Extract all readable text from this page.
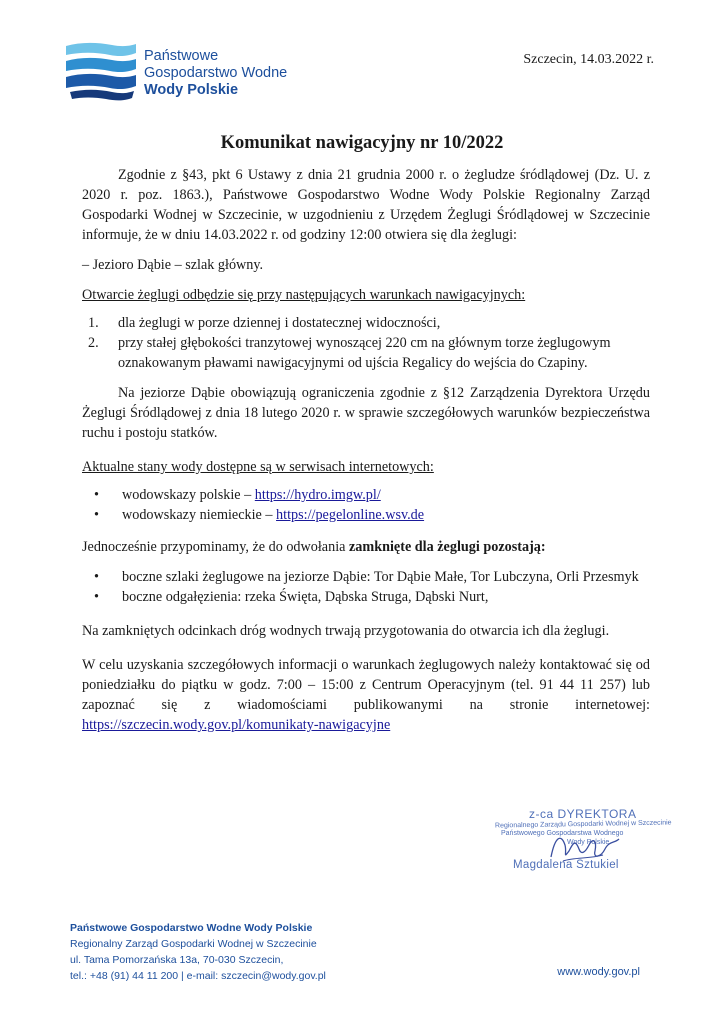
Państwowe
Gospodarstwo Wodne
Wody Polskie
Szczecin, 14.03.2022 r.
Komunikat nawigacyjny nr 10/2022

Zgodnie z §43, pkt 6 Ustawy z dnia 21 grudnia 2000 r. o żegludze śródlądowej (Dz. U. z 2020 r. poz. 1863.), Państwowe Gospodarstwo Wodne Wody Polskie Regionalny Zarząd Gospodarki Wodnej w Szczecinie, w uzgodnieniu z Urzędem Żeglugi Śródlądowej w Szczecinie informuje, że w dniu 14.03.2022 r. od godziny 12:00 otwiera się dla żeglugi:

– Jezioro Dąbie – szlak główny.

Otwarcie żeglugi odbędzie się przy następujących warunkach nawigacyjnych:

1.	dla żeglugi w porze dziennej i dostatecznej widoczności,
2.	przy stałej głębokości tranzytowej wynoszącej 220 cm na głównym torze żeglugowym oznakowanym pławami nawigacyjnymi od ujścia Regalicy do wejścia do Czapiny.

Na jeziorze Dąbie obowiązują ograniczenia zgodnie z §12 Zarządzenia Dyrektora Urzędu Żeglugi Śródlądowej z dnia 18 lutego 2020 r. w sprawie szczegółowych warunków bezpieczeństwa ruchu i postoju statków.

Aktualne stany wody dostępne są w serwisach internetowych:

• wodowskazy polskie – https://hydro.imgw.pl/
• wodowskazy niemieckie – https://pegelonline.wsv.de

Jednocześnie przypominamy, że do odwołania zamknięte dla żeglugi pozostają:

• boczne szlaki żeglugowe na jeziorze Dąbie: Tor Dąbie Małe, Tor Lubczyna, Orli Przesmyk
• boczne odgałęzienia: rzeka Święta, Dąbska Struga, Dąbski Nurt,

Na zamkniętych odcinkach dróg wodnych trwają przygotowania do otwarcia ich dla żeglugi.

W celu uzyskania szczegółowych informacji o warunkach żeglugowych należy kontaktować się od poniedziałku do piątku w godz. 7:00 – 15:00 z Centrum Operacyjnym (tel. 91 44 11 257) lub zapoznać się z wiadomościami publikowanymi na stronie internetowej: https://szczecin.wody.gov.pl/komunikaty-nawigacyjne

z-ca DYREKTORA
Regionalnego Zarządu Gospodarki Wodnej w Szczecinie
Państwowego Gospodarstwa Wodnego
Wody Polskie
Magdalena Sztukiel
Państwowe Gospodarstwo Wodne Wody Polskie
Regionalny Zarząd Gospodarki Wodnej w Szczecinie
ul. Tama Pomorzańska 13a, 70-030 Szczecin,
tel.: +48 (91) 44 11 200 | e-mail: szczecin@wody.gov.pl	www.wody.gov.pl
